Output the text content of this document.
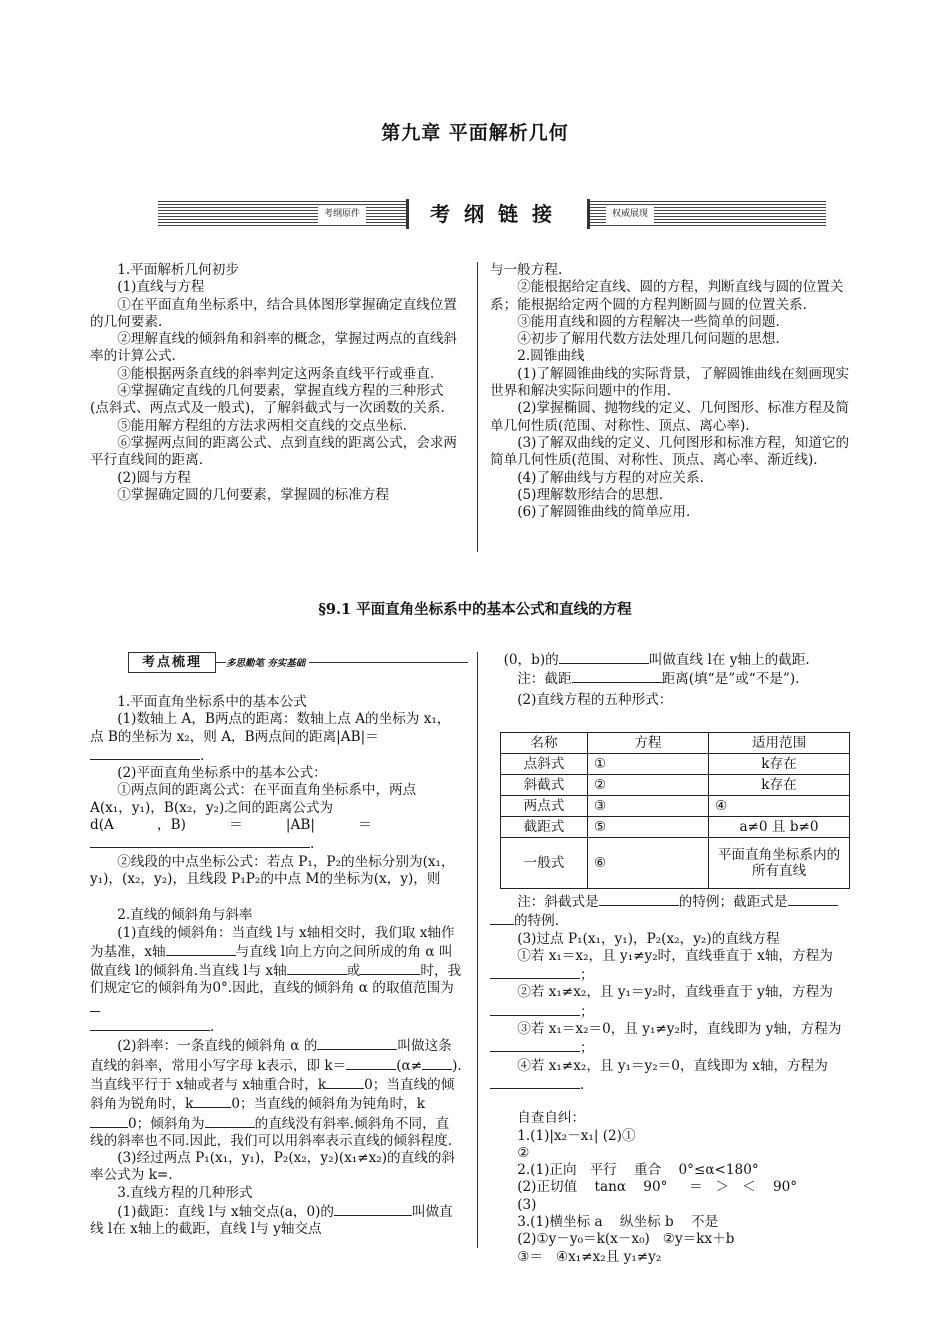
第九章 平面解析几何
考纲原件	考纲链接	权威展现

1.平面解析几何初步

(1)直线与方程

①在平面直角坐标系中，结合具体图形掌握确定直线位置的几何要素.

②理解直线的倾斜角和斜率的概念，掌握过两点的直线斜率的计算公式.

③能根据两条直线的斜率判定这两条直线平行或垂直.

④掌握确定直线的几何要素，掌握直线方程的三种形式(点斜式、两点式及一般式)，了解斜截式与一次函数的关系.

⑤能用解方程组的方法求两相交直线的交点坐标.

⑥掌握两点间的距离公式、点到直线的距离公式，会求两平行直线间的距离.

(2)圆与方程

①掌握确定圆的几何要素，掌握圆的标准方程

与一般方程.

②能根据给定直线、圆的方程，判断直线与圆的位置关系；能根据给定两个圆的方程判断圆与圆的位置关系.

③能用直线和圆的方程解决一些简单的问题.

④初步了解用代数方法处理几何问题的思想.

2.圆锥曲线

(1)了解圆锥曲线的实际背景，了解圆锥曲线在刻画现实世界和解决实际问题中的作用.

(2)掌握椭圆、抛物线的定义、几何图形、标准方程及简单几何性质(范围、对称性、顶点、离心率).

(3)了解双曲线的定义、几何图形和标准方程，知道它的简单几何性质(范围、对称性、顶点、离心率、渐近线).

(4)了解曲线与方程的对应关系.

(5)理解数形结合的思想.

(6)了解圆锥曲线的简单应用.

§9.1 平面直角坐标系中的基本公式和直线的方程
考点梳理	多思勤笔 夯实基础

1.平面直角坐标系中的基本公式

(1)数轴上 A，B两点的距离：数轴上点 A的坐标为 x₁，点 B的坐标为 x₂，则 A，B两点间的距离|AB|＝

.

(2)平面直角坐标系中的基本公式：

①两点间的距离公式：在平面直角坐标系中，两点 A(x₁，y₁)，B(x₂，y₂)之间的距离公式为

d(A          ，B)          ＝          |AB|          ＝

.

②线段的中点坐标公式：若点 P₁，P₂的坐标分别为(x₁，y₁)，(x₂，y₂)，且线段 P₁P₂的中点 M的坐标为(x，y)，则

2.直线的倾斜角与斜率

(1)直线的倾斜角：当直线 l与 x轴相交时，我们取 x轴作为基准，x轴	与直线 l向上方向之间所成的角 α 叫做直线 l的倾斜角.当直线 l与 x轴	或	时，我们规定它的倾斜角为0°.因此，直线的倾斜角 α 的取值范围为

.

(2)斜率：一条直线的倾斜角 α 的	叫做这条直线的斜率，常用小写字母 k表示，即 k＝	(α≠ ).当直线平行于 x轴或者与 x轴重合时，k	0；当直线的倾斜角为锐角时，k	0；当直线的倾斜角为钝角时，k0；倾斜角为	的直线没有斜率.倾斜角不同，直线的斜率也不同.因此，我们可以用斜率表示直线的倾斜程度.

(3)经过两点 P₁(x₁，y₁)，P₂(x₂，y₂)(x₁≠x₂)的直线的斜率公式为 k=.

3.直线方程的几种形式

(1)截距：直线 l与 x轴交点(a，0)的	叫做直线 l在 x轴上的截距，直线 l与 y轴交点

(0，b)的	叫做直线 l在 y轴上的截距.

注：截距	距离(填“是”或“不是”).

(2)直线方程的五种形式：

名称	方程	适用范围
点斜式	①	k存在
斜截式	②	k存在
两点式	③	④
截距式	⑤	a≠0 且 b≠0
一般式	⑥	平面直角坐标系内的所有直线

注：斜截式是	的特例；截距式是

的特例.

(3)过点 P₁(x₁，y₁)，P₂(x₂，y₂)的直线方程

①若 x₁＝x₂，且 y₁≠y₂时，直线垂直于 x轴，方程为；

②若 x₁≠x₂，且 y₁＝y₂时，直线垂直于 y轴，方程为；

③若 x₁＝x₂＝0，且 y₁≠y₂时，直线即为 y轴，方程为；

④若 x₁≠x₂，且 y₁＝y₂＝0，直线即为 x轴，方程为.

自查自纠：

1.(1)|x₂－x₁| (2)①

②

2.(1)正向   平行    重合    0°≤α<180°

(2)正切值    tanα    90°     ＝   ＞   ＜    90°

(3)

3.(1)横坐标 a    纵坐标 b    不是

(2)①y－y₀＝k(x－x₀)   ②y＝kx＋b

③＝   ④x₁≠x₂且 y₁≠y₂
